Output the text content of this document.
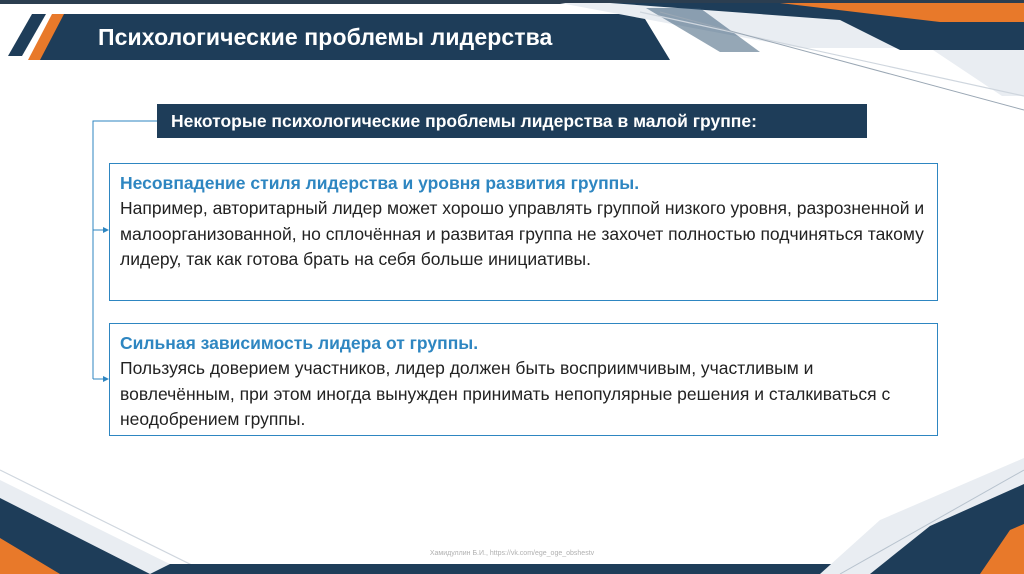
Психологические проблемы лидерства
Некоторые психологические проблемы лидерства в малой группе:
Несовпадение стиля лидерства и уровня развития группы.
Например, авторитарный лидер может хорошо управлять группой низкого уровня, разрозненной и малоорганизованной, но сплочённая и развитая группа не захочет полностью подчиняться такому лидеру, так как готова брать на себя больше инициативы.
Сильная зависимость лидера от группы.
Пользуясь доверием участников, лидер должен быть восприимчивым, участливым и вовлечённым, при этом иногда вынужден принимать непопулярные решения и сталкиваться с неодобрением группы.
Хамидуллин Б.И., https://vk.com/ege_oge_obshestv
